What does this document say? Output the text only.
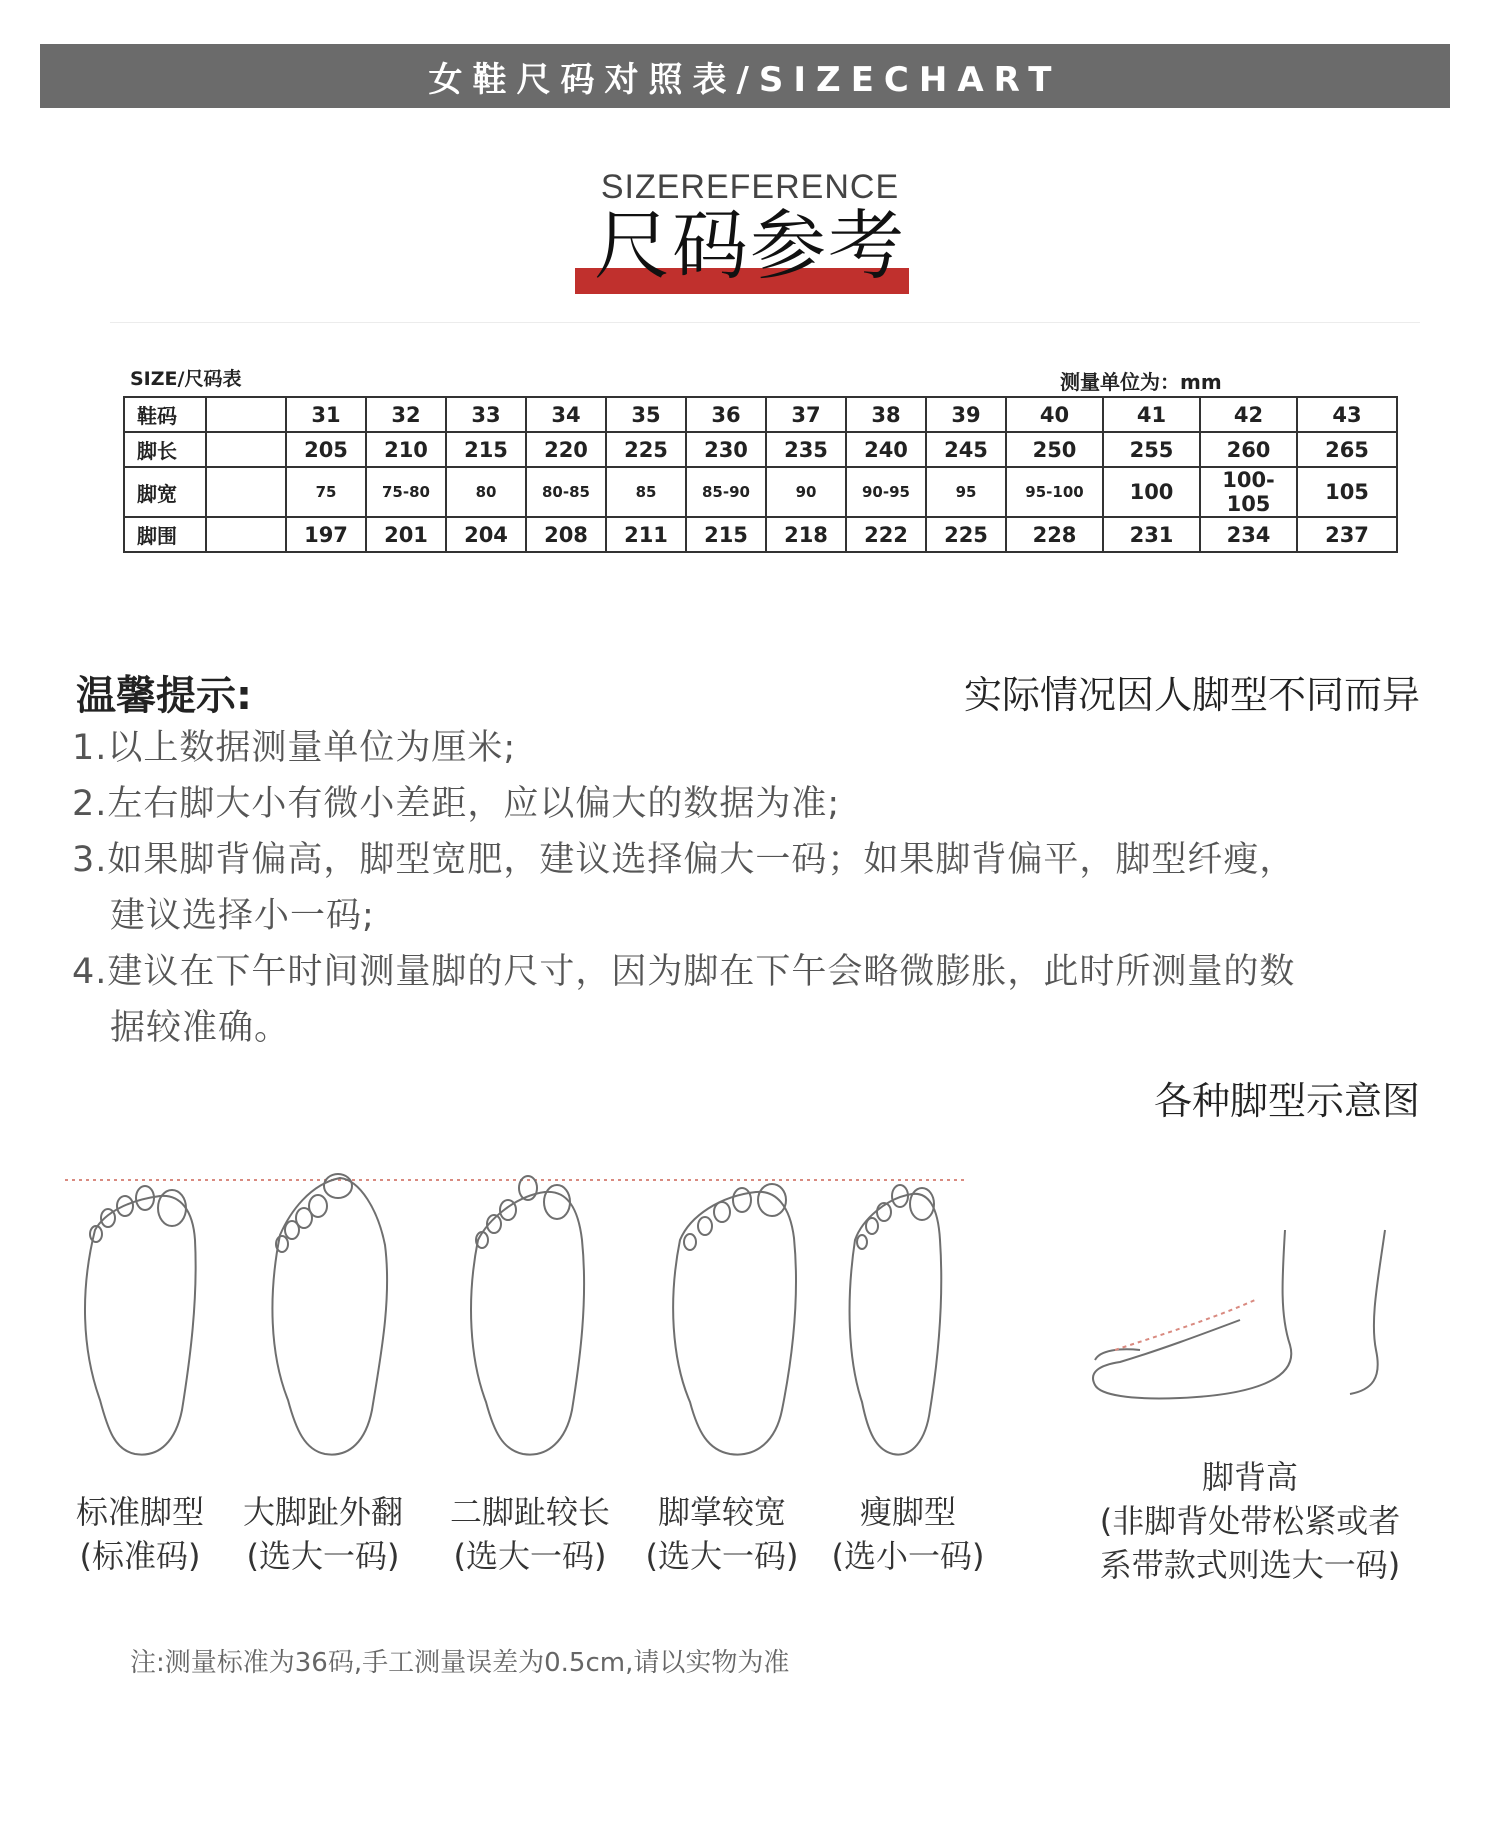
女鞋尺码对照表/SIZECHART
SIZEREFERENCE
尺码参考
SIZE/尺码表	测量单位为：mm
鞋码		31	32	33	34	35	36	37	38	39	40	41	42	43
脚长		205	210	215	220	225	230	235	240	245	250	255	260	265
脚宽		75	75-80	80	80-85	85	85-90	90	90-95	95	95-100	100	100-105	105
脚围		197	201	204	208	211	215	218	222	225	228	231	234	237
温馨提示:	实际情况因人脚型不同而异
1.以上数据测量单位为厘米;
2.左右脚大小有微小差距，应以偏大的数据为准;
3.如果脚背偏高，脚型宽肥，建议选择偏大一码；如果脚背偏平，脚型纤瘦，
建议选择小一码;
4.建议在下午时间测量脚的尺寸，因为脚在下午会略微膨胀，此时所测量的数
据较准确。
各种脚型示意图
标准脚型
(标准码)
大脚趾外翻
(选大一码)
二脚趾较长
(选大一码)
脚掌较宽
(选大一码)
瘦脚型
(选小一码)
脚背高
(非脚背处带松紧或者
系带款式则选大一码)
注:测量标准为36码,手工测量误差为0.5cm,请以实物为准
